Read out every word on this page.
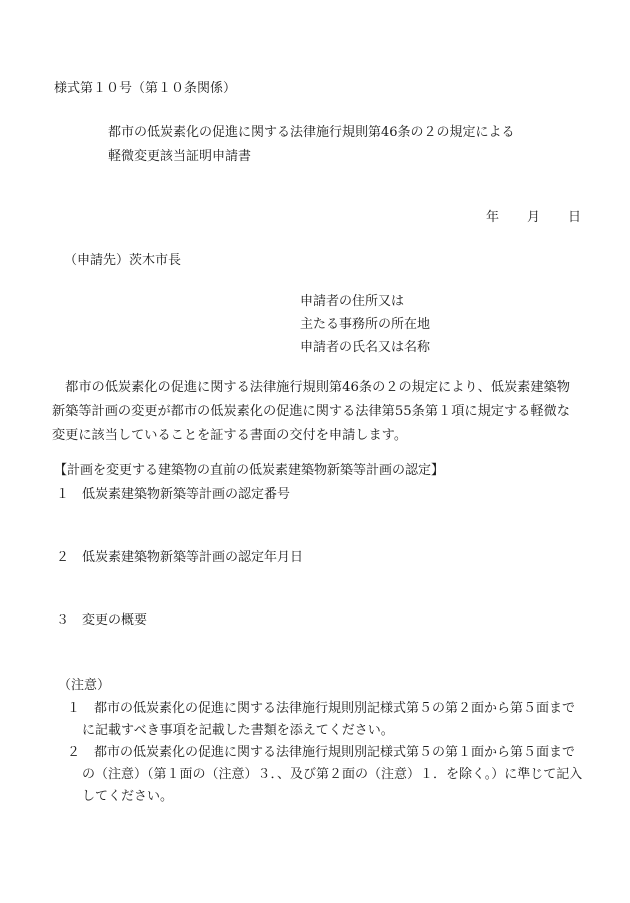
様式第１０号（第１０条関係）
都市の低炭素化の促進に関する法律施行規則第46条の２の規定による
軽微変更該当証明申請書
年 月 日
（申請先）茨木市長
申請者の住所又は
主たる事務所の所在地
申請者の氏名又は名称

　都市の低炭素化の促進に関する法律施行規則第46条の２の規定により、低炭素建築物新築等計画の変更が都市の低炭素化の促進に関する法律第55条第１項に規定する軽微な変更に該当していることを証する書面の交付を申請します。

【計画を変更する建築物の直前の低炭素建築物新築等計画の認定】
１ 低炭素建築物新築等計画の認定番号
２ 低炭素建築物新築等計画の認定年月日
３ 変更の概要
（注意）
１	都市の低炭素化の促進に関する法律施行規則別記様式第５の第２面から第５面までに記載すべき事項を記載した書類を添えてください。
２	都市の低炭素化の促進に関する法律施行規則別記様式第５の第１面から第５面までの（注意）（第１面の（注意）３．、及び第２面の（注意）１．を除く。）に準じて記入してください。
